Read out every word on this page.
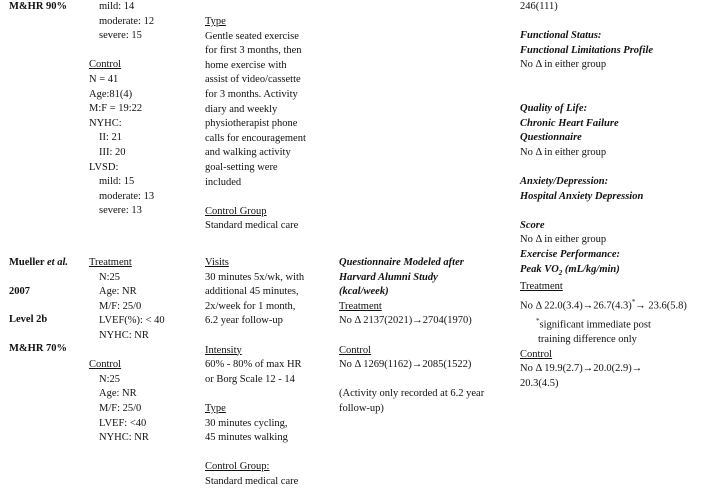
M&HR 90%
Mueller et al.
2007
Level 2b
M&HR 70%
mild: 14
moderate: 12
severe: 15
Control
N = 41
Age:81(4)
M:F = 19:22
NYHC:
II: 21
III: 20
LVSD:
mild: 15
moderate: 13
severe: 13
Treatment
N:25
Age: NR
M/F: 25/0
LVEF(%): < 40
NYHC: NR
Control
N:25
Age: NR
M/F: 25/0
LVEF: <40
NYHC: NR
Type
Gentle seated exercise
for first 3 months, then
home exercise with
assist of video/cassette
for 3 months. Activity
diary and weekly
physiotherapist phone
calls for encouragement
and walking activity
goal-setting were
included
Control Group
Standard medical care
Visits
30 minutes 5x/wk, with
additional 45 minutes,
2x/week for 1 month,
6.2 year follow-up
Intensity
60% - 80% of max HR
or Borg Scale 12 - 14
Type
30 minutes cycling,
45 minutes walking
Control Group:
Standard medical care
Questionnaire Modeled after
Harvard Alumni Study
(kcal/week)
Treatment
No Δ 2137(2021)→2704(1970)
Control
No Δ 1269(1162)→2085(1522)
(Activity only recorded at 6.2 year
follow-up)
246(111)
Functional Status:
Functional Limitations Profile
No Δ in either group
Quality of Life:
Chronic Heart Failure
Questionnaire
No Δ in either group
Anxiety/Depression:
Hospital Anxiety Depression
Score
No Δ in either group
Exercise Performance:
Peak $VO_2$ (mL/kg/min)
Treatment
No Δ 22.0(3.4)→26.7(4.3)*→ 23.6(5.8)
*significant immediate post
training difference only
Control
No Δ 19.9(2.7)→20.0(2.9)→
20.3(4.5)
